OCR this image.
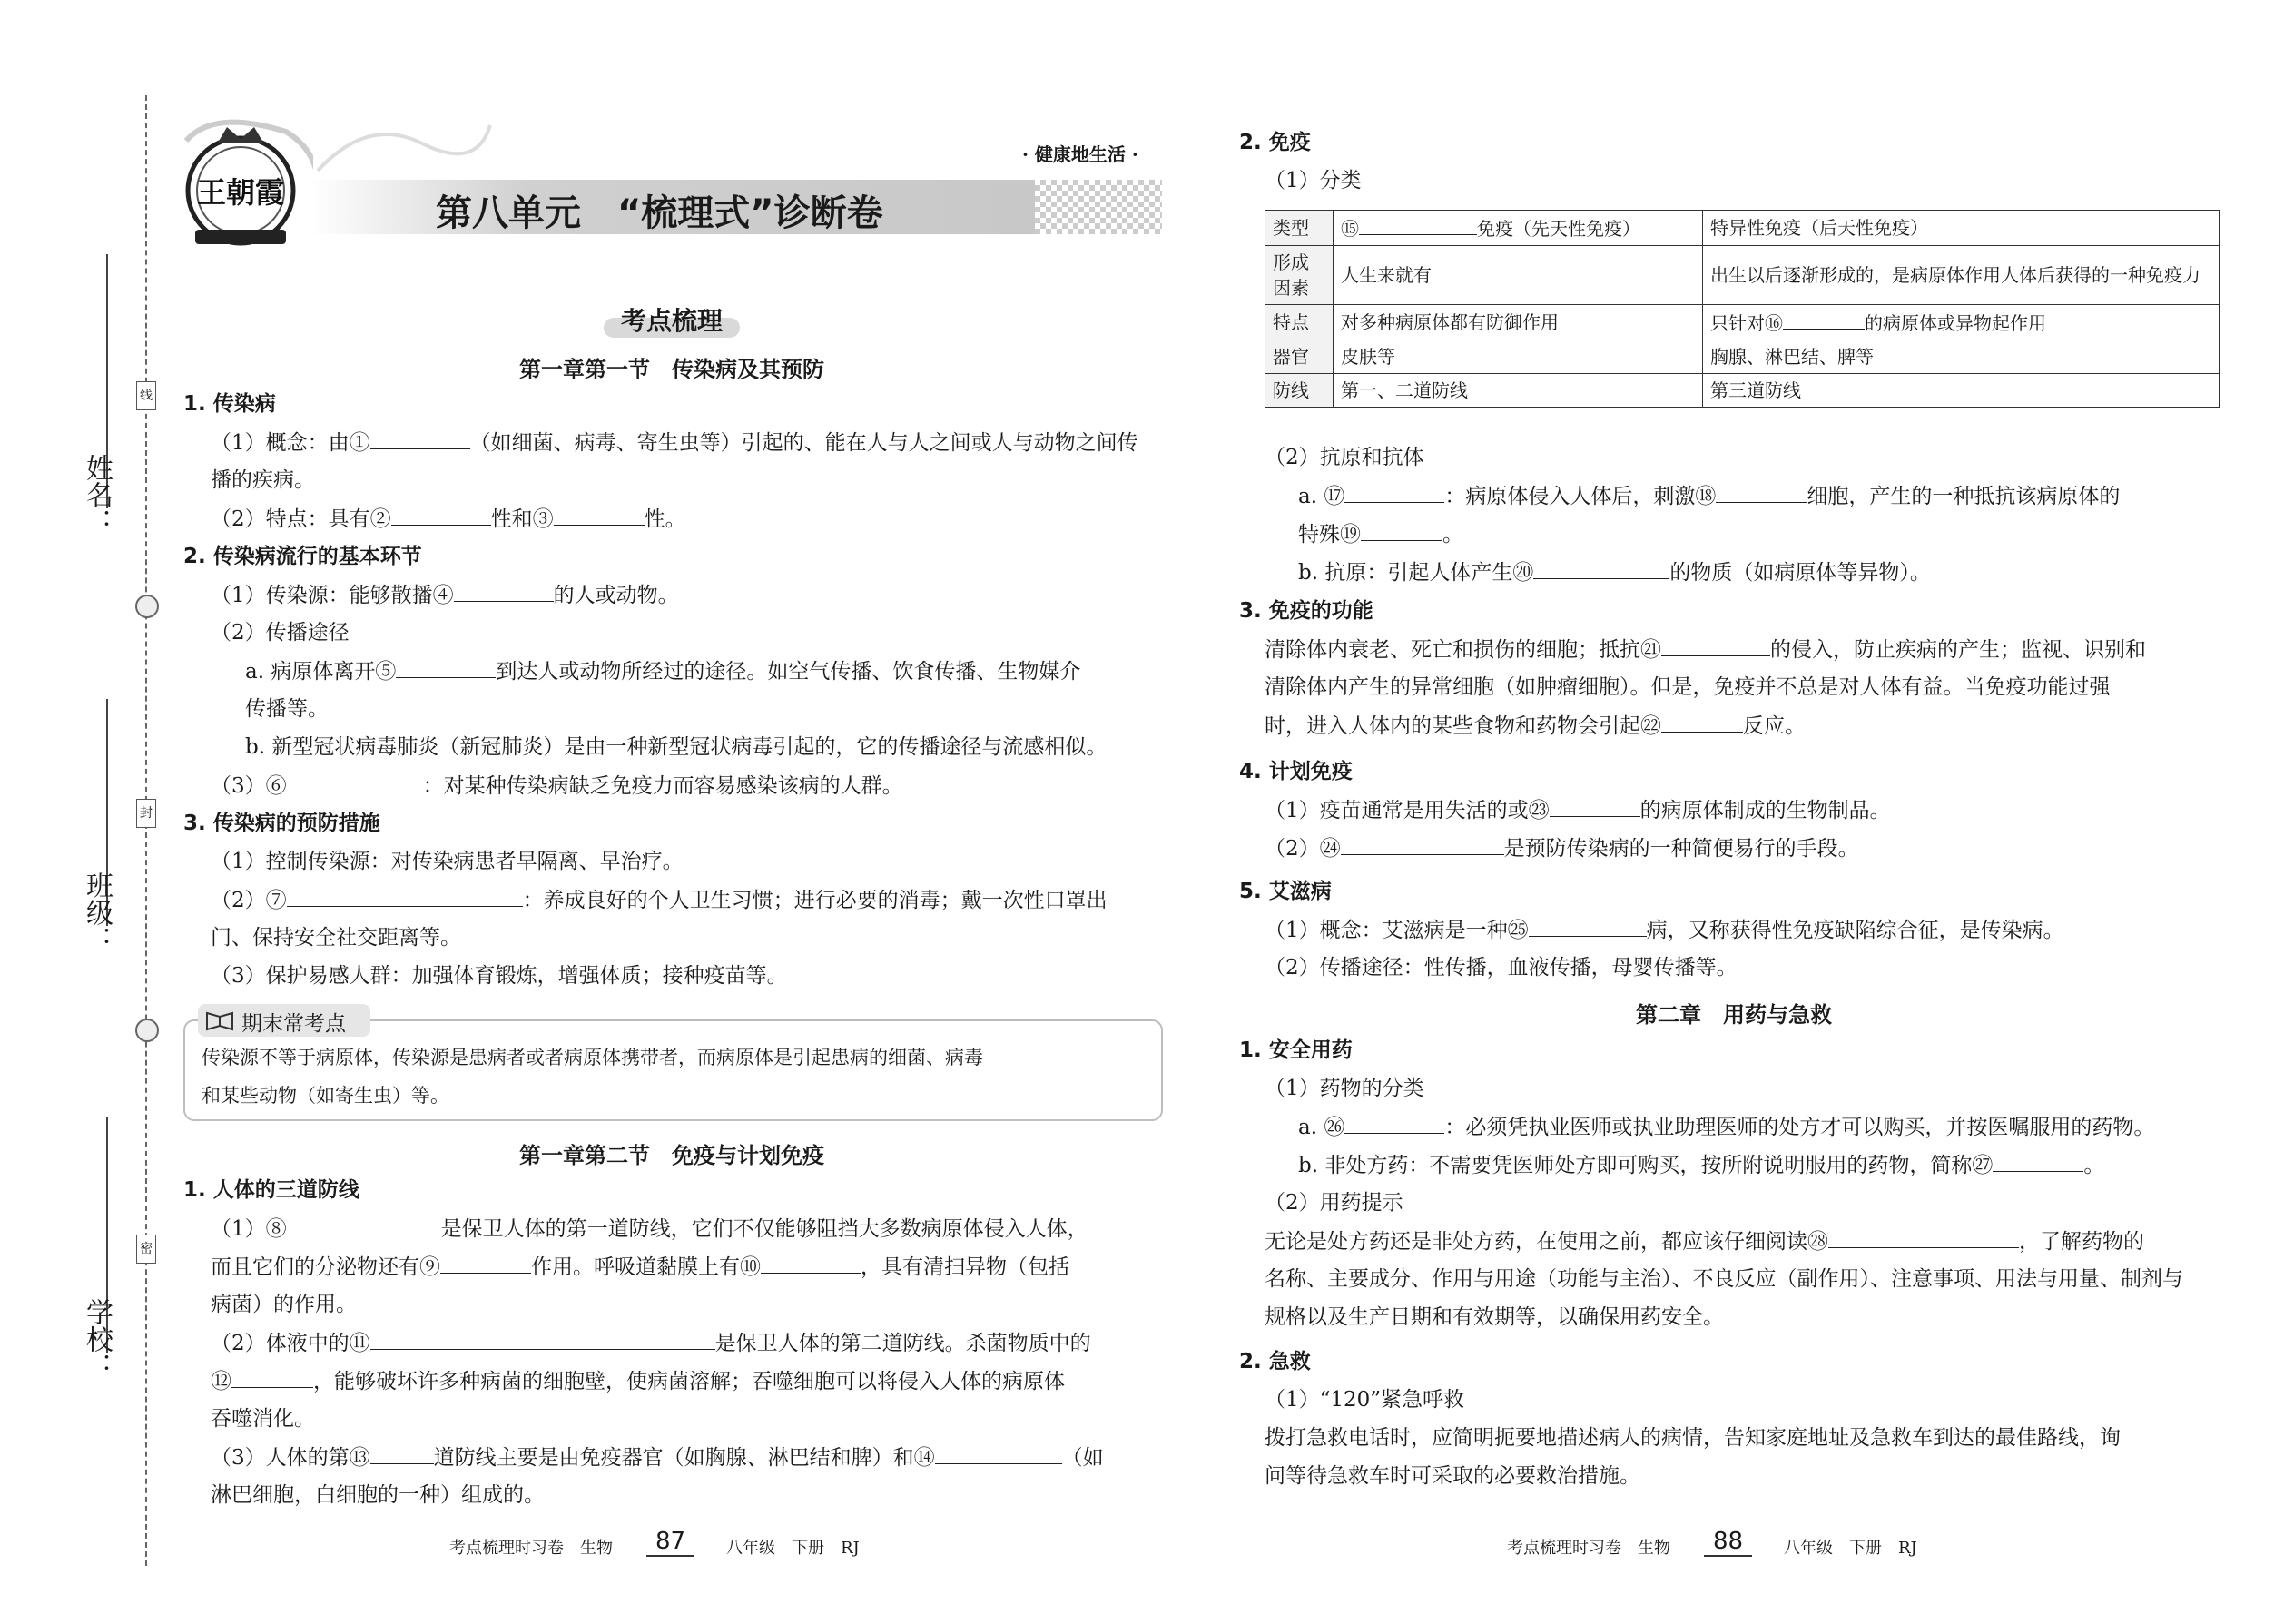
姓名：
班级：
学校：
线
封
密
王朝霞	第八单元　“梳理式”诊断卷
· 健康地生活 ·
考点梳理
第一章第一节　传染病及其预防
1. 传染病
（1）概念：由①	（如细菌、病毒、寄生虫等）引起的、能在人与人之间或人与动物之间传
播的疾病。
（2）特点：具有②	性和③	性。
2. 传染病流行的基本环节
（1）传染源：能够散播④	的人或动物。
（2）传播途径
a. 病原体离开⑤	到达人或动物所经过的途径。如空气传播、饮食传播、生物媒介
传播等。
b. 新型冠状病毒肺炎（新冠肺炎）是由一种新型冠状病毒引起的，它的传播途径与流感相似。
（3）⑥	：对某种传染病缺乏免疫力而容易感染该病的人群。
3. 传染病的预防措施
（1）控制传染源：对传染病患者早隔离、早治疗。
（2）⑦	：养成良好的个人卫生习惯；进行必要的消毒；戴一次性口罩出
门、保持安全社交距离等。
（3）保护易感人群：加强体育锻炼，增强体质；接种疫苗等。
期末常考点
传染源不等于病原体，传染源是患病者或者病原体携带者，而病原体是引起患病的细菌、病毒
和某些动物（如寄生虫）等。
第一章第二节　免疫与计划免疫
1. 人体的三道防线
（1）⑧	是保卫人体的第一道防线，它们不仅能够阻挡大多数病原体侵入人体，
而且它们的分泌物还有⑨	作用。呼吸道黏膜上有⑩	，具有清扫异物（包括
病菌）的作用。
（2）体液中的⑪	是保卫人体的第二道防线。杀菌物质中的
⑫	，能够破坏许多种病菌的细胞壁，使病菌溶解；吞噬细胞可以将侵入人体的病原体
吞噬消化。
（3）人体的第⑬	道防线主要是由免疫器官（如胸腺、淋巴结和脾）和⑭	（如
淋巴细胞，白细胞的一种）组成的。
考点梳理时习卷　生物	87	八年级　下册　RJ
2. 免疫
（1）分类
类型	⑮ 免疫（先天性免疫）	特异性免疫（后天性免疫）
形成因素	人生来就有	出生以后逐渐形成的，是病原体作用人体后获得的一种免疫力
特点	对多种病原体都有防御作用	只针对⑯ 的病原体或异物起作用
器官	皮肤等	胸腺、淋巴结、脾等
防线	第一、二道防线	第三道防线
（2）抗原和抗体
a. ⑰	：病原体侵入人体后，刺激⑱	细胞，产生的一种抵抗该病原体的
特殊⑲	。
b. 抗原：引起人体产生⑳	的物质（如病原体等异物）。
3. 免疫的功能
清除体内衰老、死亡和损伤的细胞；抵抗㉑	的侵入，防止疾病的产生；监视、识别和
清除体内产生的异常细胞（如肿瘤细胞）。但是，免疫并不总是对人体有益。当免疫功能过强
时，进入人体内的某些食物和药物会引起㉒	反应。
4. 计划免疫
（1）疫苗通常是用失活的或㉓	的病原体制成的生物制品。
（2）㉔	是预防传染病的一种简便易行的手段。
5. 艾滋病
（1）概念：艾滋病是一种㉕	病，又称获得性免疫缺陷综合征，是传染病。
（2）传播途径：性传播，血液传播，母婴传播等。
第二章　用药与急救
1. 安全用药
（1）药物的分类
a. ㉖	：必须凭执业医师或执业助理医师的处方才可以购买，并按医嘱服用的药物。
b. 非处方药：不需要凭医师处方即可购买，按所附说明服用的药物，简称㉗	。
（2）用药提示
无论是处方药还是非处方药，在使用之前，都应该仔细阅读㉘	，了解药物的
名称、主要成分、作用与用途（功能与主治）、不良反应（副作用）、注意事项、用法与用量、制剂与
规格以及生产日期和有效期等，以确保用药安全。
2. 急救
（1）“120”紧急呼救
拨打急救电话时，应简明扼要地描述病人的病情，告知家庭地址及急救车到达的最佳路线，询
问等待急救车时可采取的必要救治措施。
考点梳理时习卷　生物	88	八年级　下册　RJ
